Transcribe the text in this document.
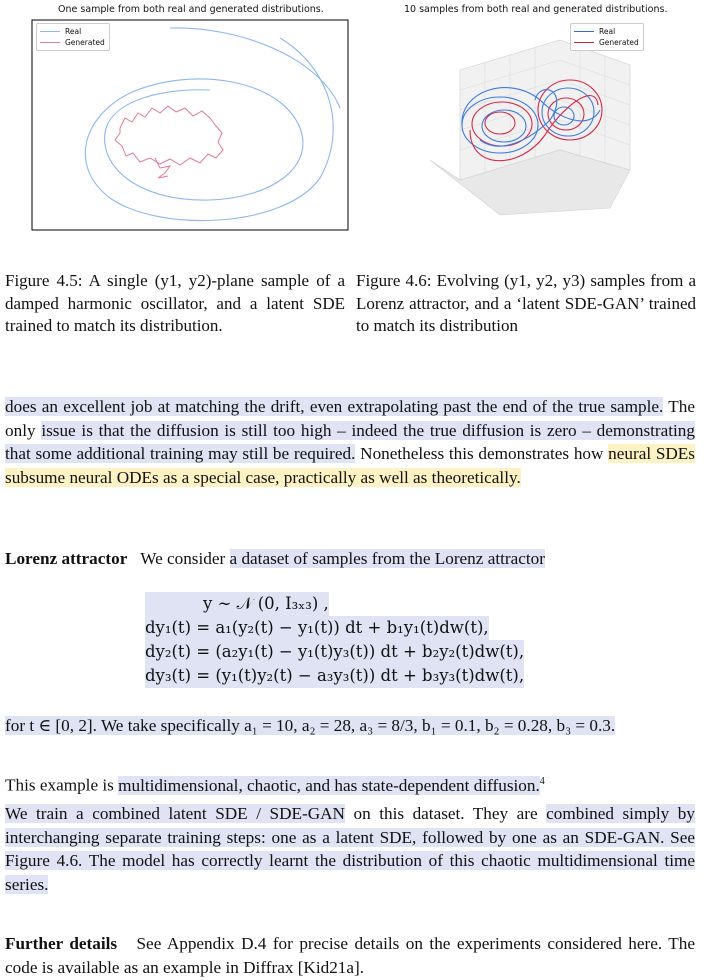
One sample from both real and generated distributions.
Real
Generated
10 samples from both real and generated distributions.
Real
Generated
Figure 4.5: A single (y1, y2)-plane sample of a damped harmonic oscillator, and a latent SDE trained to match its distribution.
Figure 4.6: Evolving (y1, y2, y3) samples from a Lorenz attractor, and a ‘latent SDE-GAN’ trained to match its distribution
does an excellent job at matching the drift, even extrapolating past the end of the true sample. The only issue is that the diffusion is still too high – indeed the true diffusion is zero – demonstrating that some additional training may still be required. Nonetheless this demonstrates how neural SDEs subsume neural ODEs as a special case, practically as well as theoretically.
Lorenz attractor We consider a dataset of samples from the Lorenz attractor
y ∼ 𝒩 (0, I₃ₓ₃) ,
dy₁(t) = a₁(y₂(t) − y₁(t)) dt + b₁y₁(t)dw(t),
dy₂(t) = (a₂y₁(t) − y₁(t)y₃(t)) dt + b₂y₂(t)dw(t),
dy₃(t) = (y₁(t)y₂(t) − a₃y₃(t)) dt + b₃y₃(t)dw(t),
for t ∈ [0, 2]. We take specifically a₁ = 10, a₂ = 28, a₃ = 8/3, b₁ = 0.1, b₂ = 0.28, b₃ = 0.3.
This example is multidimensional, chaotic, and has state-dependent diffusion.$^4$
We train a combined latent SDE / SDE-GAN on this dataset. They are combined simply by interchanging separate training steps: one as a latent SDE, followed by one as an SDE-GAN. See Figure 4.6. The model has correctly learnt the distribution of this chaotic multidimensional time series.
Further details See Appendix D.4 for precise details on the experiments considered here. The code is available as an example in Diffrax [Kid21a].
